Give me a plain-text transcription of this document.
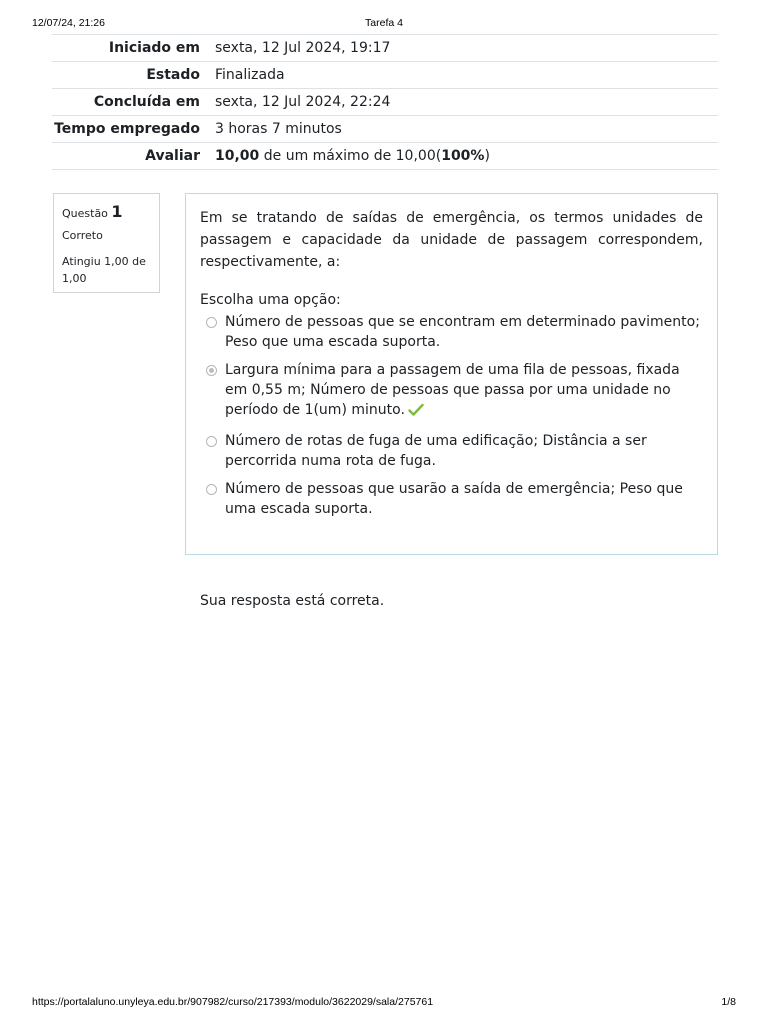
12/07/24, 21:26	Tarefa 4
Iniciado em	sexta, 12 Jul 2024, 19:17
Estado	Finalizada
Concluída em	sexta, 12 Jul 2024, 22:24
Tempo empregado	3 horas 7 minutos
Avaliar	10,00 de um máximo de 10,00(100%)
Questão 1
Correto
Atingiu 1,00 de 1,00
Em se tratando de saídas de emergência, os termos unidades de passagem e capacidade da unidade de passagem correspondem, respectivamente, a:
Escolha uma opção:
Número de pessoas que se encontram em determinado pavimento; Peso que uma escada suporta.
Largura mínima para a passagem de uma fila de pessoas, fixada em 0,55 m; Número de pessoas que passa por uma unidade no período de 1(um) minuto.
Número de rotas de fuga de uma edificação; Distância a ser percorrida numa rota de fuga.
Número de pessoas que usarão a saída de emergência; Peso que uma escada suporta.
Sua resposta está correta.
https://portalaluno.unyleya.edu.br/907982/curso/217393/modulo/3622029/sala/275761	1/8
